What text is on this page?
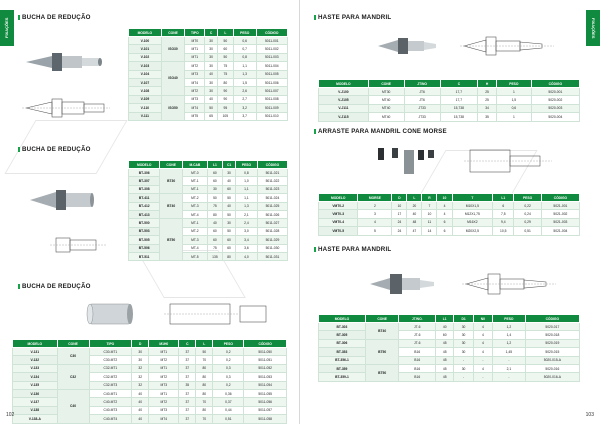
FIXAÇÕES
BUCHA DE REDUÇÃO
MODELO	CONE	TIPO	C	L	PESO	CÓDIGO
V-100	ISO30	MT0	30	50	0,6	5011-001
V-101		MT1	30	60	0,7	5011-002
V-102		MT1	30	50	0,8	5011-003
V-103	ISO40	MT2	30	75	1,1	5011-004
V-104		MT3	40	75	1,3	5011-005
V-107		MT4	30	80	1,5	5011-006
V-108		MT2	30	90	2,6	5011-007
V-109	ISO50	MT3	40	90	2,7	5011-008
V-110		MT4	50	95	3,2	5011-009
V-111		MT5	65	105	3,7	5011-010
BUCHA DE REDUÇÃO
MODELO	CONE	M.CAB	L1	C1	PESO	CÓDIGO
BT-306	BT30	MT-0	60	30	0,8	5011-021
BT-307		MT-1	60	40	1,0	5011-022
BT-308		MT-1	30	60	1,1	5011-023
BT-411	BT40	MT-2	50	50	1,1	5011-024
BT-412		MT-3	75	40	1,3	5011-025
BT-413		MT-4	80	50	2,1	5011-026
BT-500	BT50	MT-1	40	30	2,4	5011-027
BT-503		MT-2	60	50	3,0	5011-028
BT-505		MT-3	60	60	3,4	5011-029
BT-506		MT-4	75	60	3,6	5011-030
BT-511		MT-5	135	80	4,0	5011-031
BUCHA DE REDUÇÃO
MODELO	CONE	TIPO	D	M1H0	C	L	PESO	CÓDIGO
V-131	C30	C30-MT1	30	MT1	37	50	0,2	5011-050
V-132		C30-MT2	30	MT2	37	70	0,2	5011-051
V-133	C32	C32-MT1	32	MT1	37	80	0,3	5011-052
V-134		C32-MT2	32	MT2	37	80	0,3	5011-053
V-135		C32-MT3	32	MT3	35	80	0,2	5011-054
V-136	C40	C40-MT1	40	MT1	37	80	0,36	5011-055
V-137		C40-MT2	40	MT2	37	70	0,37	5011-056
V-138		C40-MT3	40	MT3	37	80	0,44	5011-057
V-138-A		C40-MT4	40	MT4	37	70	0,51	5011-058
102
FIXAÇÕES
HASTE PARA MANDRIL
MODELO	CONE	JT/NO	C	H	PESO	CÓDIGO
V-J100	MT30	JT6	17,7	25	1	5020-001
V-J105	MT40	JT6	17,7	25	1,5	5020-002
V-J111	MT40	JT33	15,738	34	0,6	5020-003
V-J115	MT40	JT33	15,738	35	1	5020-004
ARRASTE PARA MANDRIL CONE MORSE
MODELO	MORSE	D	L	R	10	T	L1	PESO	CÓDIGO
VMT0-2	2	10	20	7	4	M10X1,5	6	0,22	5021-001
VMT0-3	3	17	40	10	4	M12X1,75	7,5	0,24	5021-002
VMT0-4	4	24	48	11	6	M16X2	9,4	0,29	5021-003
VMT0-5	5	24	47	14	6	M20X2,5	10,5	0,51	5021-004
HASTE PARA MANDRIL
MODELO	CONE	JT/NO.	L1	D1	N0	PESO	CÓDIGO
BT-303	BT40	JT-6	40	30	4	1,2	5020-017
BT-305		JT-6	60	30	4	1,4	5020-018
BT-306	BT50	JT-6	45	30	4	1,2	5020-019
BT-353		B16	45	30	4	1,45	5020-015
BT-356-1		B16	45	-	-	-	5020-015-A
BT-359	BT50	B16	45	30	4	2,1	5020-016
BT-359-1		B16	45	-	-	-	5020-016-A
103
